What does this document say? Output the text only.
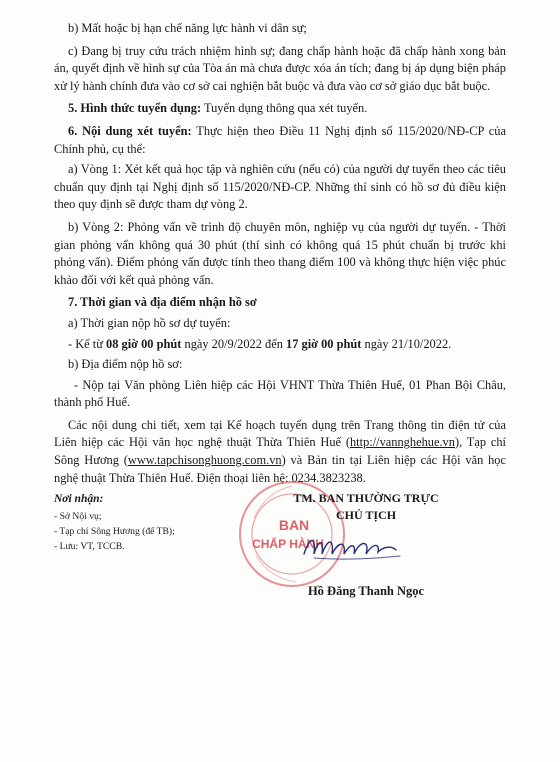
b) Mất hoặc bị hạn chế năng lực hành vi dân sự;

c) Đang bị truy cứu trách nhiệm hình sự; đang chấp hành hoặc đã chấp hành xong bản án, quyết định về hình sự của Tòa án mà chưa được xóa án tích; đang bị áp dụng biện pháp xử lý hành chính đưa vào cơ sở cai nghiện bắt buộc và đưa vào cơ sở giáo dục bắt buộc.

5. Hình thức tuyển dụng: Tuyển dụng thông qua xét tuyển.

6. Nội dung xét tuyển: Thực hiện theo Điều 11 Nghị định số 115/2020/NĐ-CP của Chính phủ, cụ thể:

a) Vòng 1: Xét kết quả học tập và nghiên cứu (nếu có) của người dự tuyển theo các tiêu chuẩn quy định tại Nghị định số 115/2020/NĐ-CP. Những thí sinh có hồ sơ đủ điều kiện theo quy định sẽ được tham dự vòng 2.

b) Vòng 2: Phỏng vấn về trình độ chuyên môn, nghiệp vụ của người dự tuyển. - Thời gian phỏng vấn không quá 30 phút (thí sinh có không quá 15 phút chuẩn bị trước khi phỏng vấn). Điểm phỏng vấn được tính theo thang điểm 100 và không thực hiện việc phúc khảo đối với kết quả phỏng vấn.

7. Thời gian và địa điểm nhận hồ sơ

a) Thời gian nộp hồ sơ dự tuyển:

- Kể từ 08 giờ 00 phút ngày 20/9/2022 đến 17 giờ 00 phút ngày 21/10/2022.

b) Địa điểm nộp hồ sơ:

- Nộp tại Văn phòng Liên hiệp các Hội VHNT Thừa Thiên Huế, 01 Phan Bội Châu, thành phố Huế.

Các nội dung chi tiết, xem tại Kế hoạch tuyển dụng trên Trang thông tin điện tử của Liên hiệp các Hội văn học nghệ thuật Thừa Thiên Huế (http://vannghehue.vn), Tạp chí Sông Hương (www.tapchisonghuong.com.vn) và Bản tin tại Liên hiệp các Hội văn học nghệ thuật Thừa Thiên Huế. Điện thoại liên hệ: 0234.3823238.

Nơi nhận:
- Sở Nội vụ;
- Tạp chí Sông Hương (để TB);
- Lưu: VT, TCCB.
BAN
CHẤP HÀNH
TM. BAN THƯỜNG TRỰC
CHỦ TỊCH
Hồ Đăng Thanh Ngọc
